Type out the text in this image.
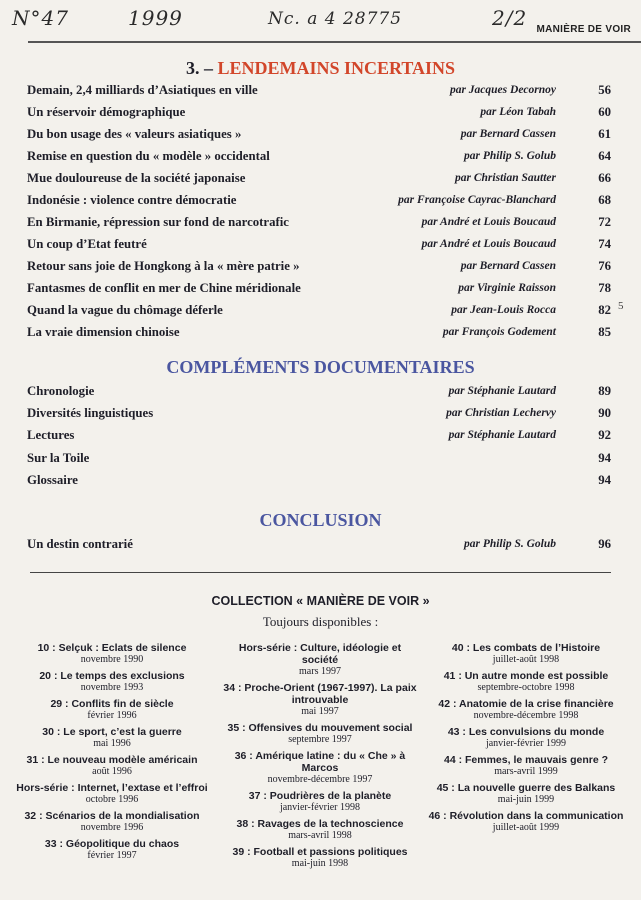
N°47	1999	Nc. a 4 28775	2/2 MANIÈRE DE VOIR
3. – LENDEMAINS INCERTAINS
Demain, 2,4 milliards d’Asiatiques en ville	par Jacques Decornoy	56
Un réservoir démographique	par Léon Tabah	60
Du bon usage des « valeurs asiatiques »	par Bernard Cassen	61
Remise en question du « modèle » occidental	par Philip S. Golub	64
Mue douloureuse de la société japonaise	par Christian Sautter	66
Indonésie : violence contre démocratie	par Françoise Cayrac-Blanchard	68
En Birmanie, répression sur fond de narcotrafic	par André et Louis Boucaud	72
Un coup d’Etat feutré	par André et Louis Boucaud	74
Retour sans joie de Hongkong à la « mère patrie »	par Bernard Cassen	76
Fantasmes de conflit en mer de Chine méridionale	par Virginie Raisson	78
Quand la vague du chômage déferle	par Jean-Louis Rocca	82
La vraie dimension chinoise	par François Godement	85
COMPLÉMENTS DOCUMENTAIRES
Chronologie	par Stéphanie Lautard	89
Diversités linguistiques	par Christian Lechervy	90
Lectures	par Stéphanie Lautard	92
Sur la Toile	94
Glossaire	94
CONCLUSION
Un destin contrarié	par Philip S. Golub	96
5
COLLECTION « MANIÈRE DE VOIR »
Toujours disponibles :
10 : Selçuk : Eclats de silence
novembre 1990
20 : Le temps des exclusions
novembre 1993
29 : Conflits fin de siècle
février 1996
30 : Le sport, c’est la guerre
mai 1996
31 : Le nouveau modèle américain
août 1996
Hors-série : Internet, l’extase et l’effroi
octobre 1996
32 : Scénarios de la mondialisation
novembre 1996
33 : Géopolitique du chaos
février 1997
Hors-série : Culture, idéologie et société
mars 1997
34 : Proche-Orient (1967-1997). La paix introuvable
mai 1997
35 : Offensives du mouvement social
septembre 1997
36 : Amérique latine : du « Che » à Marcos
novembre-décembre 1997
37 : Poudrières de la planète
janvier-février 1998
38 : Ravages de la technoscience
mars-avril 1998
39 : Football et passions politiques
mai-juin 1998
40 : Les combats de l’Histoire
juillet-août 1998
41 : Un autre monde est possible
septembre-octobre 1998
42 : Anatomie de la crise financière
novembre-décembre 1998
43 : Les convulsions du monde
janvier-février 1999
44 : Femmes, le mauvais genre ?
mars-avril 1999
45 : La nouvelle guerre des Balkans
mai-juin 1999
46 : Révolution dans la communication
juillet-août 1999
